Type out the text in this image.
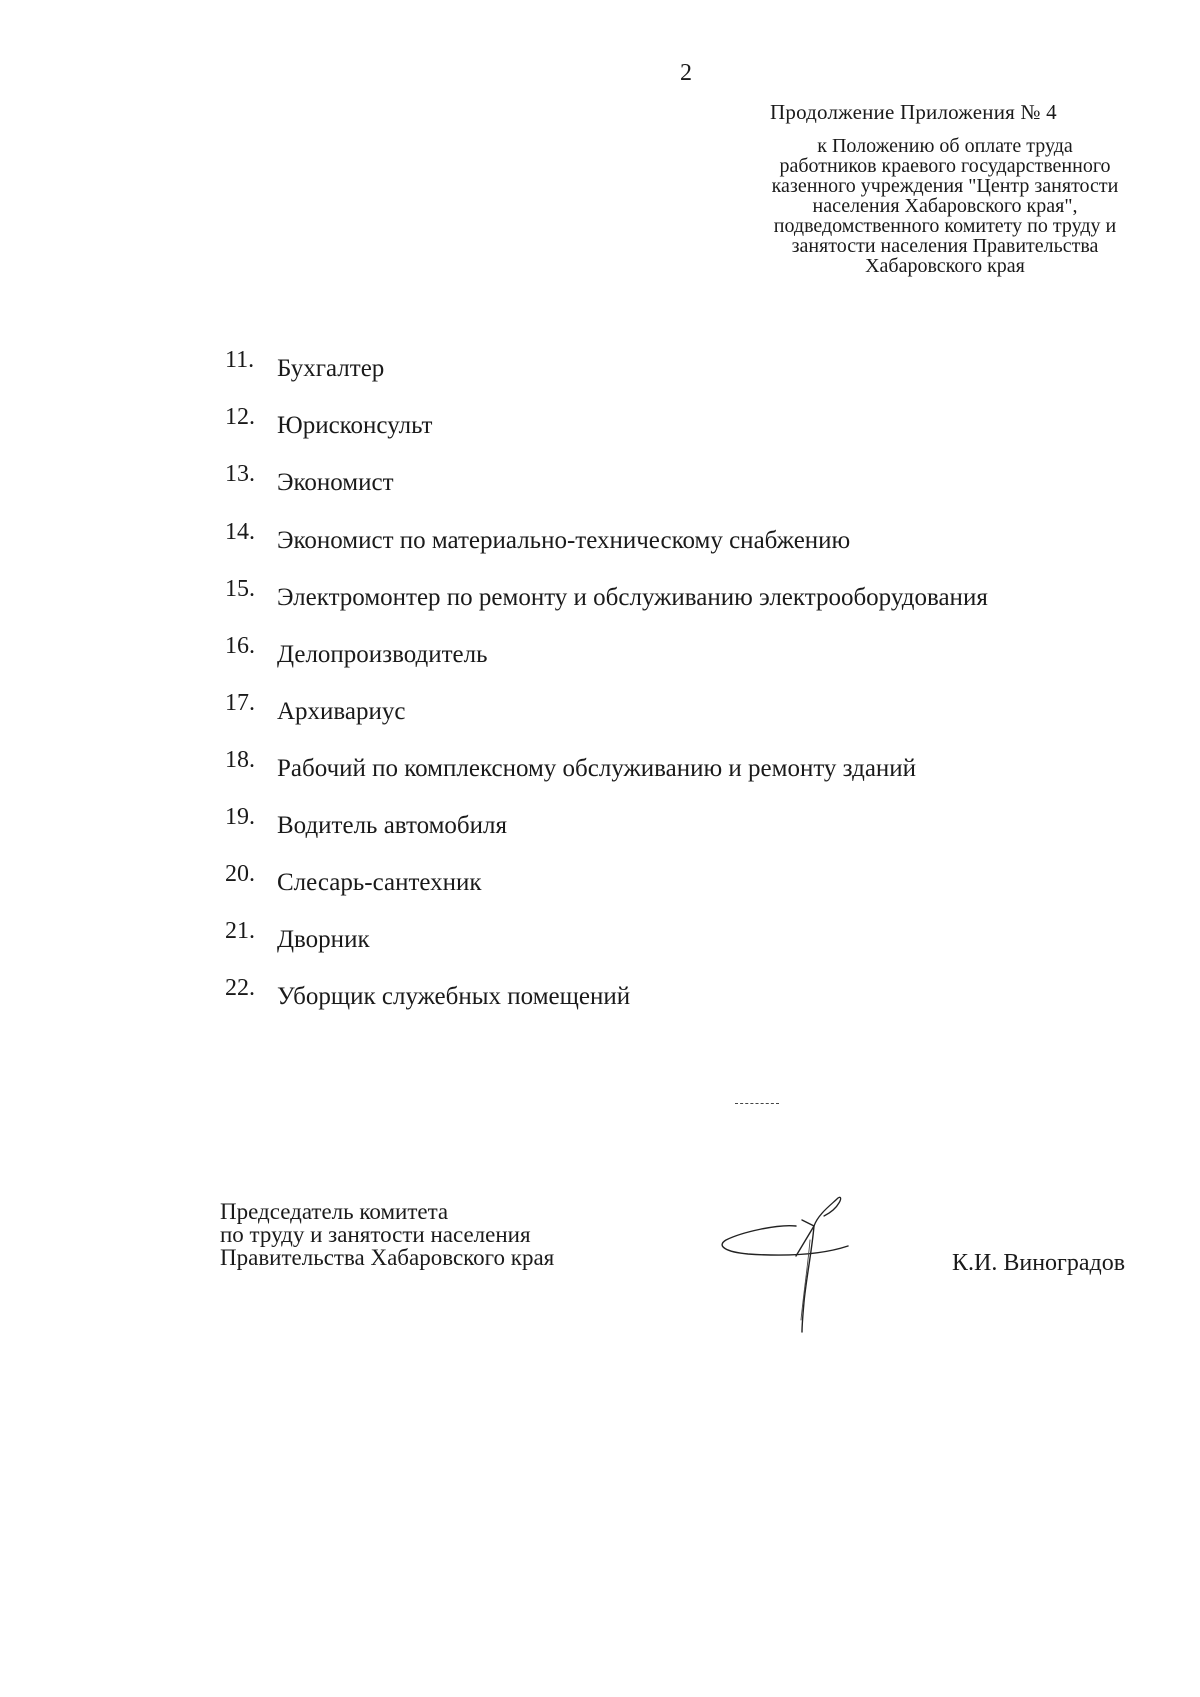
2
Продолжение Приложения № 4
к Положению об оплате труда
работников краевого государственного
казенного учреждения "Центр занятости
населения Хабаровского края",
подведомственного комитету по труду и
занятости населения Правительства
Хабаровского края
11. Бухгалтер
12. Юрисконсульт
13. Экономист
14. Экономист по материально-техническому снабжению
15. Электромонтер по ремонту и обслуживанию электрооборудования
16. Делопроизводитель
17. Архивариус
18. Рабочий по комплексному обслуживанию и ремонту зданий
19. Водитель автомобиля
20. Слесарь-сантехник
21. Дворник
22. Уборщик служебных помещений
Председатель комитета
по труду и занятости населения
Правительства Хабаровского края	К.И. Виноградов
